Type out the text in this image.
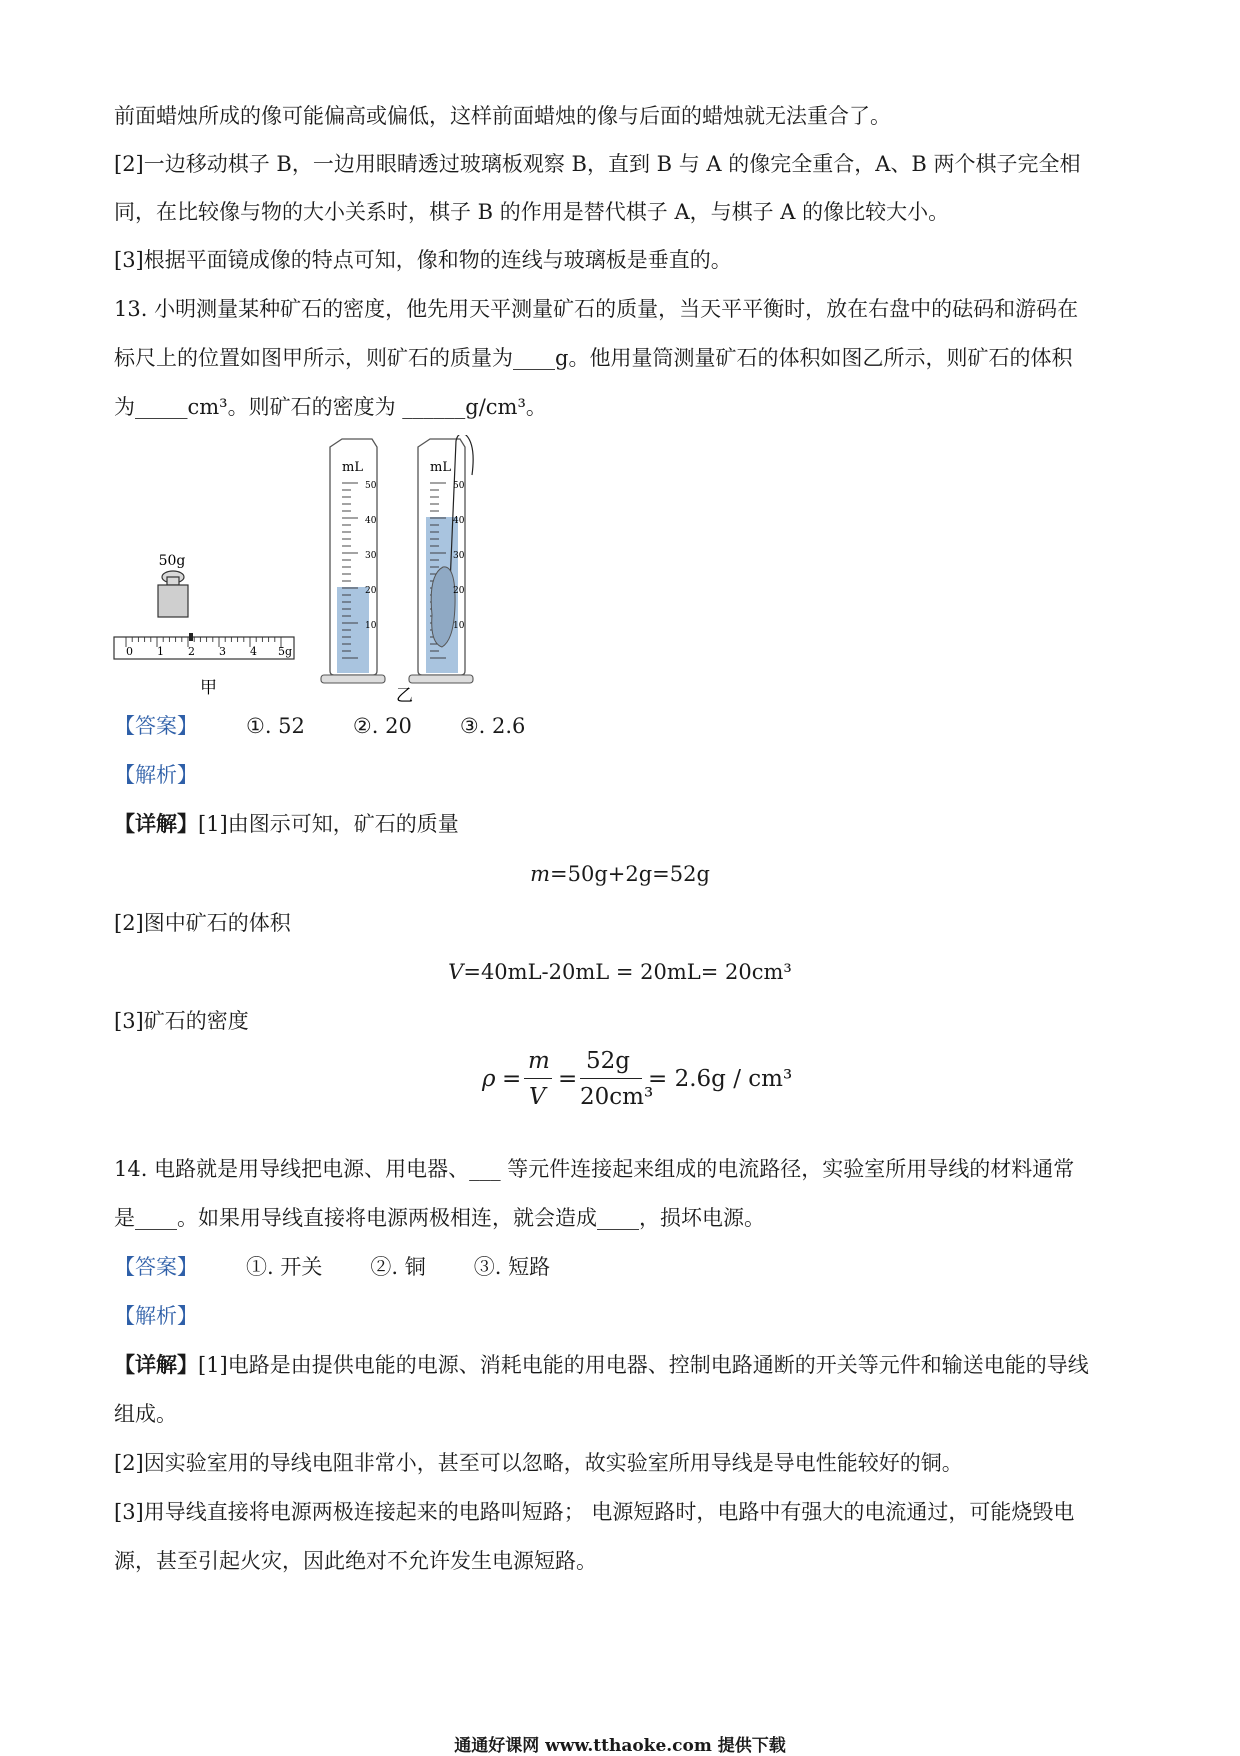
前面蜡烛所成的像可能偏高或偏低，这样前面蜡烛的像与后面的蜡烛就无法重合了。
[2]一边移动棋子 B，一边用眼睛透过玻璃板观察 B，直到 B 与 A 的像完全重合，A、B 两个棋子完全相
同，在比较像与物的大小关系时，棋子 B 的作用是替代棋子 A，与棋子 A 的像比较大小。
[3]根据平面镜成像的特点可知，像和物的连线与玻璃板是垂直的。
13. 小明测量某种矿石的密度，他先用天平测量矿石的质量，当天平平衡时，放在右盘中的砝码和游码在
标尺上的位置如图甲所示，则矿石的质量为____g。他用量筒测量矿石的体积如图乙所示，则矿石的体积
为_____cm³。则矿石的密度为 ______g/cm³。
50g
0 1 2 3 4 5g
甲
mL
50
40
30
20
10
mL
50
40
30
20
10
乙
【答案】 ①. 52 ②. 20 ③. 2.6
【解析】
【详解】[1]由图示可知，矿石的质量
m=50g+2g=52g
[2]图中矿石的体积
V=40mL-20mL = 20mL= 20cm³
[3]矿石的密度
ρ =
m
V
=
52g
20cm³
= 2.6g / cm³
14. 电路就是用导线把电源、用电器、___ 等元件连接起来组成的电流路径，实验室所用导线的材料通常
是____。如果用导线直接将电源两极相连，就会造成____，损坏电源。
【答案】 ①. 开关 ②. 铜 ③. 短路
【解析】
【详解】[1]电路是由提供电能的电源、消耗电能的用电器、控制电路通断的开关等元件和输送电能的导线
组成。
[2]因实验室用的导线电阻非常小，甚至可以忽略，故实验室所用导线是导电性能较好的铜。
[3]用导线直接将电源两极连接起来的电路叫短路； 电源短路时，电路中有强大的电流通过，可能烧毁电
源，甚至引起火灾，因此绝对不允许发生电源短路。
通通好课网 www.tthaoke.com 提供下载
